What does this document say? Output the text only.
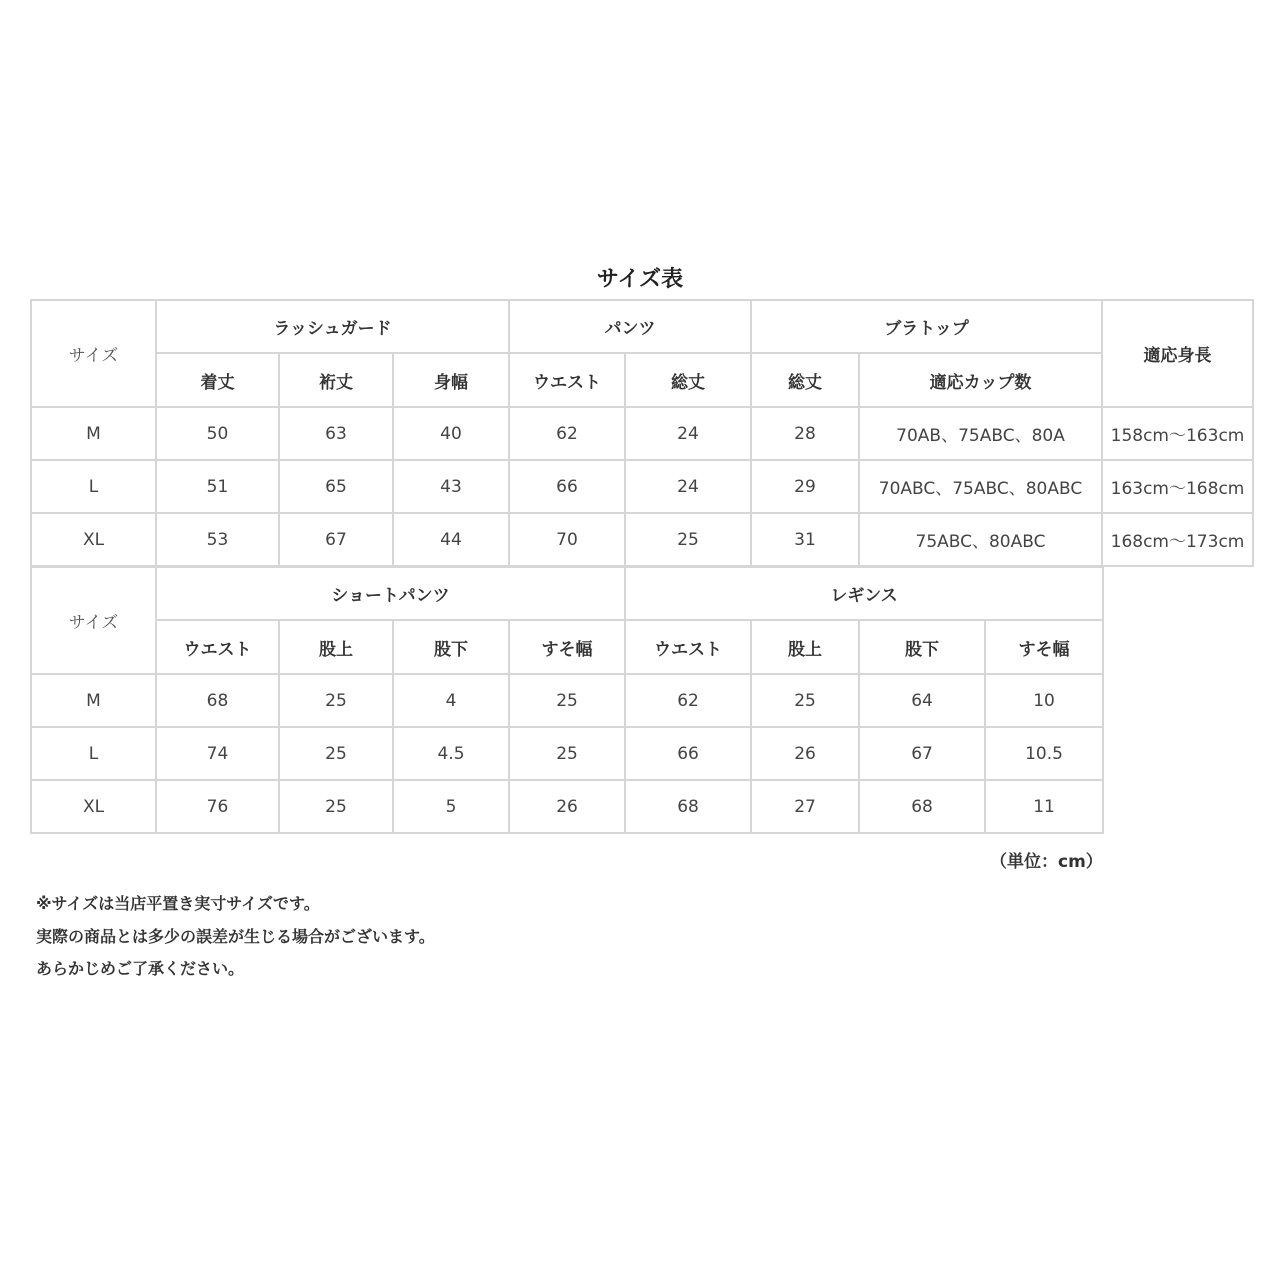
サイズ表
サイズ	ラッシュガード			パンツ		ブラトップ		適応身長
	着丈	裄丈	身幅	ウエスト	総丈	総丈	適応カップ数	
M	50	63	40	62	24	28	70AB、75ABC、80A	158cm～163cm
L	51	65	43	66	24	29	70ABC、75ABC、80ABC	163cm～168cm
XL	53	67	44	70	25	31	75ABC、80ABC	168cm～173cm
サイズ	ショートパンツ				レギンス			
	ウエスト	股上	股下	すそ幅	ウエスト	股上	股下	すそ幅
M	68	25	4	25	62	25	64	10
L	74	25	4.5	25	66	26	67	10.5
XL	76	25	5	26	68	27	68	11
（単位：cm）
※サイズは当店平置き実寸サイズです。
実際の商品とは多少の誤差が生じる場合がございます。
あらかじめご了承ください。
